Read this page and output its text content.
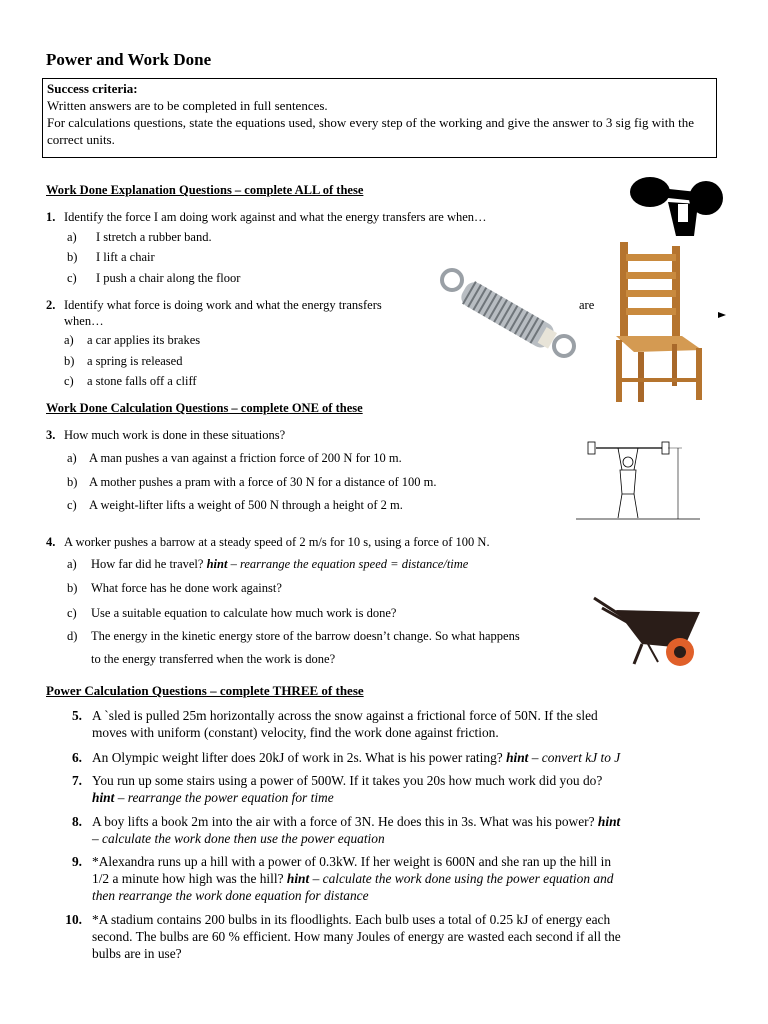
Power and Work Done
Success criteria:
Written answers are to be completed in full sentences.
For calculations questions, state the equations used, show every step of the working and give the answer to 3 sig fig with the correct units.
Work Done Explanation Questions – complete ALL of these
1. Identify the force I am doing work against and what the energy transfers are when…
a) I stretch a rubber band.
b) I lift a chair
c) I push a chair along the floor
2. Identify what force is doing work and what the energy transfers	are
when…
a) a car applies its brakes
b) a spring is released
c) a stone falls off a cliff
Work Done Calculation Questions – complete ONE of these
3. How much work is done in these situations?
a) A man pushes a van against a friction force of 200 N for 10 m.
b) A mother pushes a pram with a force of 30 N for a distance of 100 m.
c) A weight-lifter lifts a weight of 500 N through a height of 2 m.
4. A worker pushes a barrow at a steady speed of 2 m/s for 10 s, using a force of 100 N.
a) How far did he travel? hint – rearrange the equation speed = distance/time
b) What force has he done work against?
c) Use a suitable equation to calculate how much work is done?
d) The energy in the kinetic energy store of the barrow doesn’t change. So what happens
to the energy transferred when the work is done?
Power Calculation Questions – complete THREE of these
5. A `sled is pulled 25m horizontally across the snow against a frictional force of 50N. If the sled
moves with uniform (constant) velocity, find the work done against friction.
6. An Olympic weight lifter does 20kJ of work in 2s. What is his power rating? hint – convert kJ to J
7. You run up some stairs using a power of 500W. If it takes you 20s how much work did you do?
hint – rearrange the power equation for time
8. A boy lifts a book 2m into the air with a force of 3N. He does this in 3s. What was his power? hint
– calculate the work done then use the power equation
9. *Alexandra runs up a hill with a power of 0.3kW. If her weight is 600N and she ran up the hill in
1/2 a minute how high was the hill? hint – calculate the work done using the power equation and
then rearrange the work done equation for distance
10. *A stadium contains 200 bulbs in its floodlights. Each bulb uses a total of 0.25 kJ of energy each
second. The bulbs are 60 % efficient. How many Joules of energy are wasted each second if all the
bulbs are in use?
